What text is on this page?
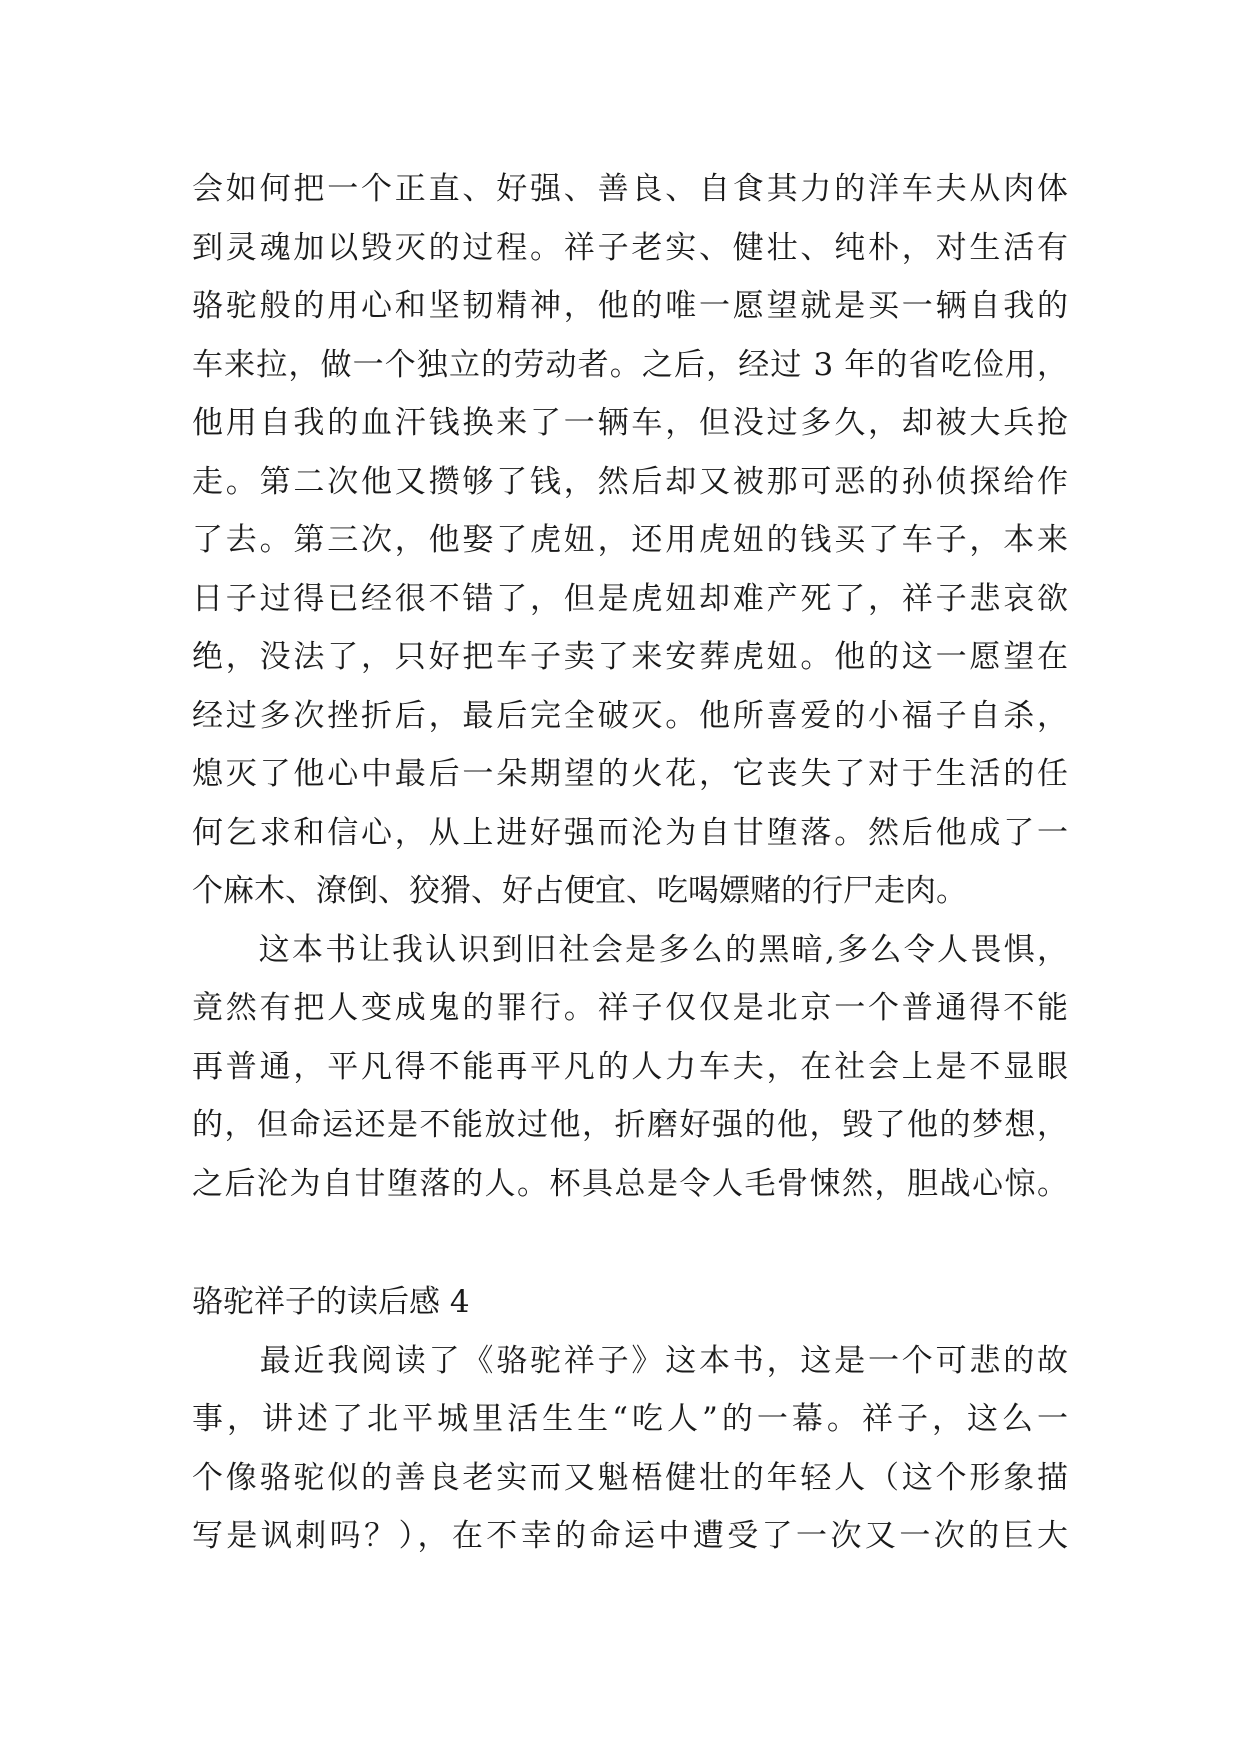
会如何把一个正直、好强、善良、自食其力的洋车夫从肉体
到灵魂加以毁灭的过程。祥子老实、健壮、纯朴，对生活有
骆驼般的用心和坚韧精神，他的唯一愿望就是买一辆自我的
车来拉，做一个独立的劳动者。之后，经过 3 年的省吃俭用，
他用自我的血汗钱换来了一辆车，但没过多久，却被大兵抢
走。第二次他又攒够了钱，然后却又被那可恶的孙侦探给作
了去。第三次，他娶了虎妞，还用虎妞的钱买了车子，本来
日子过得已经很不错了，但是虎妞却难产死了，祥子悲哀欲
绝，没法了，只好把车子卖了来安葬虎妞。他的这一愿望在
经过多次挫折后，最后完全破灭。他所喜爱的小福子自杀，
熄灭了他心中最后一朵期望的火花，它丧失了对于生活的任
何乞求和信心，从上进好强而沦为自甘堕落。然后他成了一
个麻木、潦倒、狡猾、好占便宜、吃喝嫖赌的行尸走肉。
　　这本书让我认识到旧社会是多么的黑暗,多么令人畏惧，
竟然有把人变成鬼的罪行。祥子仅仅是北京一个普通得不能
再普通，平凡得不能再平凡的人力车夫，在社会上是不显眼
的，但命运还是不能放过他，折磨好强的他，毁了他的梦想，
之后沦为自甘堕落的人。杯具总是令人毛骨悚然，胆战心惊。
骆驼祥子的读后感 4
　　最近我阅读了《骆驼祥子》这本书，这是一个可悲的故
事，讲述了北平城里活生生“吃人”的一幕。祥子，这么一
个像骆驼似的善良老实而又魁梧健壮的年轻人（这个形象描
写是讽刺吗？），在不幸的命运中遭受了一次又一次的巨大
